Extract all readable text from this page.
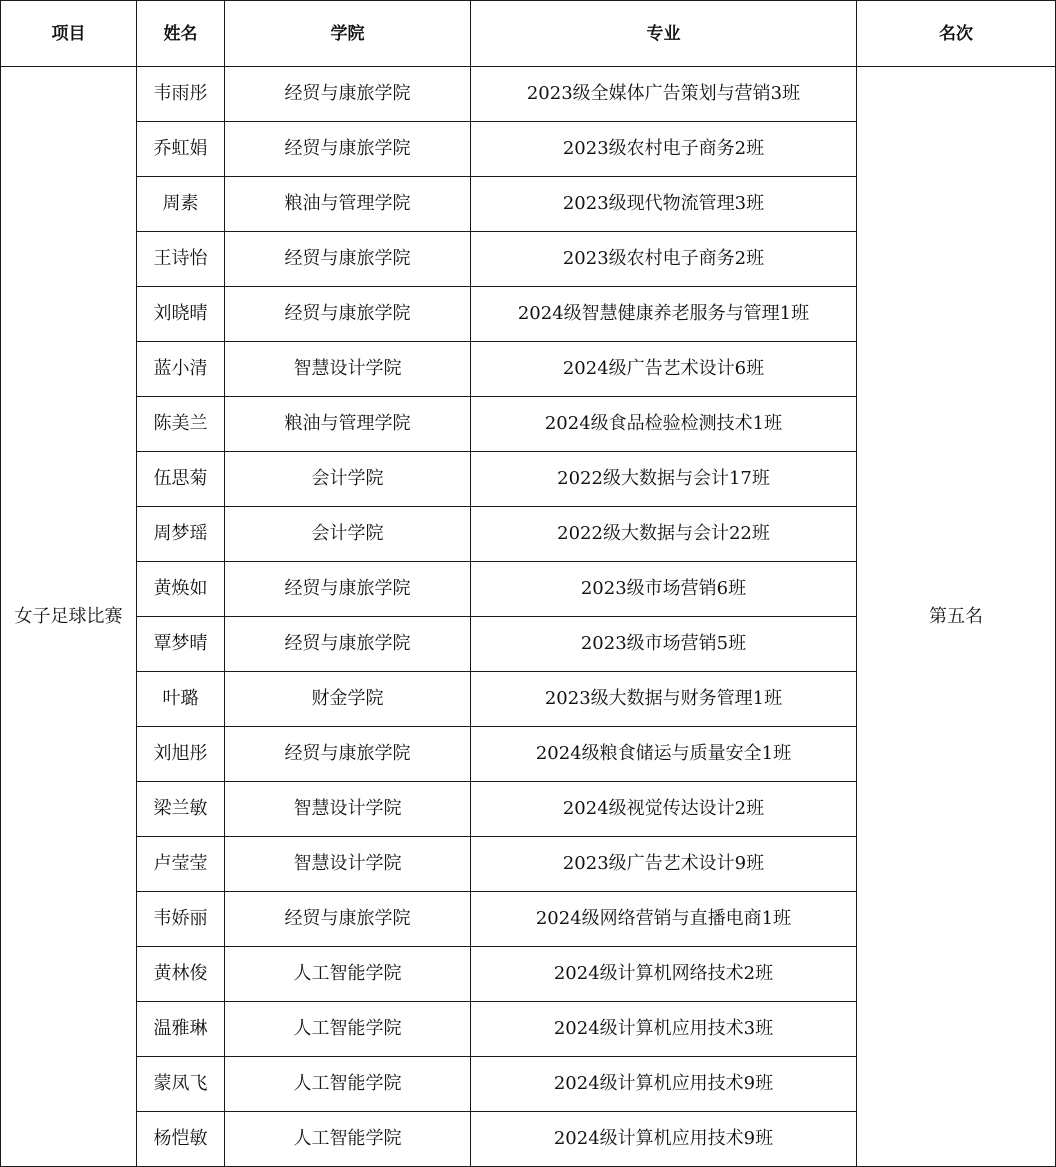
项目	姓名	学院	专业	名次
女子足球比赛	韦雨彤	经贸与康旅学院	2023级全媒体广告策划与营销3班	第五名
	乔虹娟	经贸与康旅学院	2023级农村电子商务2班	
	周素	粮油与管理学院	2023级现代物流管理3班	
	王诗怡	经贸与康旅学院	2023级农村电子商务2班	
	刘晓晴	经贸与康旅学院	2024级智慧健康养老服务与管理1班	
	蓝小清	智慧设计学院	2024级广告艺术设计6班	
	陈美兰	粮油与管理学院	2024级食品检验检测技术1班	
	伍思菊	会计学院	2022级大数据与会计17班	
	周梦瑶	会计学院	2022级大数据与会计22班	
	黄焕如	经贸与康旅学院	2023级市场营销6班	
	覃梦晴	经贸与康旅学院	2023级市场营销5班	
	叶璐	财金学院	2023级大数据与财务管理1班	
	刘旭彤	经贸与康旅学院	2024级粮食储运与质量安全1班	
	梁兰敏	智慧设计学院	2024级视觉传达设计2班	
	卢莹莹	智慧设计学院	2023级广告艺术设计9班	
	韦娇丽	经贸与康旅学院	2024级网络营销与直播电商1班	
	黄林俊	人工智能学院	2024级计算机网络技术2班	
	温雅琳	人工智能学院	2024级计算机应用技术3班	
	蒙凤飞	人工智能学院	2024级计算机应用技术9班	
	杨恺敏	人工智能学院	2024级计算机应用技术9班	
